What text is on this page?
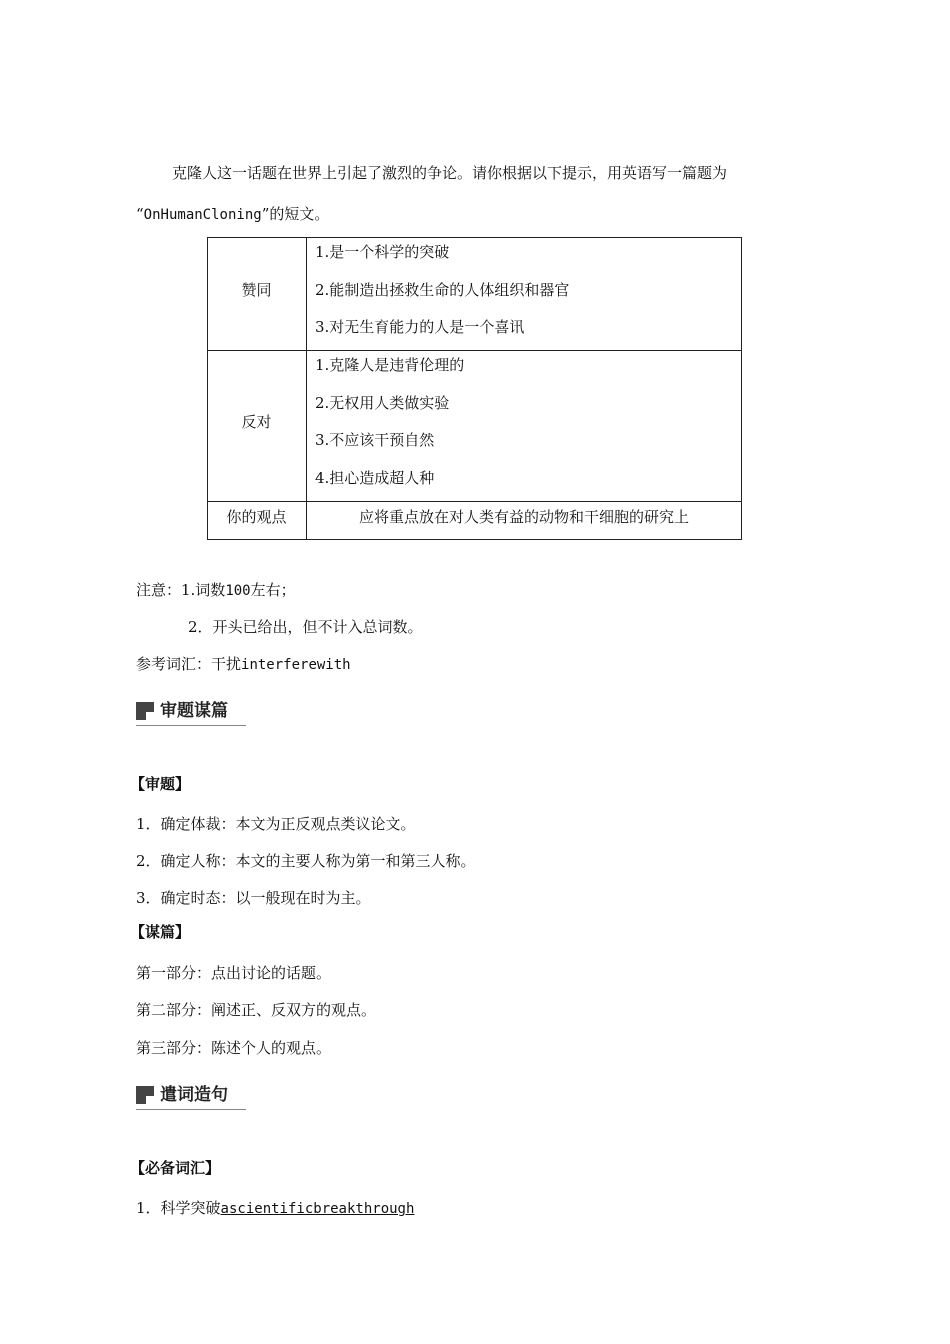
克隆人这一话题在世界上引起了激烈的争论。请你根据以下提示，用英语写一篇题为
“OnHumanCloning”的短文。
赞同
1.是一个科学的突破
2.能制造出拯救生命的人体组织和器官
3.对无生育能力的人是一个喜讯
反对
1.克隆人是违背伦理的
2.无权用人类做实验
3.不应该干预自然
4.担心造成超人种
你的观点	应将重点放在对人类有益的动物和干细胞的研究上
注意：1.词数100左右；
2．开头已给出，但不计入总词数。
参考词汇：干扰interferewith
审题谋篇
【审题】
1．确定体裁：本文为正反观点类议论文。
2．确定人称：本文的主要人称为第一和第三人称。
3．确定时态：以一般现在时为主。
【谋篇】
第一部分：点出讨论的话题。
第二部分：阐述正、反双方的观点。
第三部分：陈述个人的观点。
遣词造句
【必备词汇】
1．科学突破ascientificbreakthrough
